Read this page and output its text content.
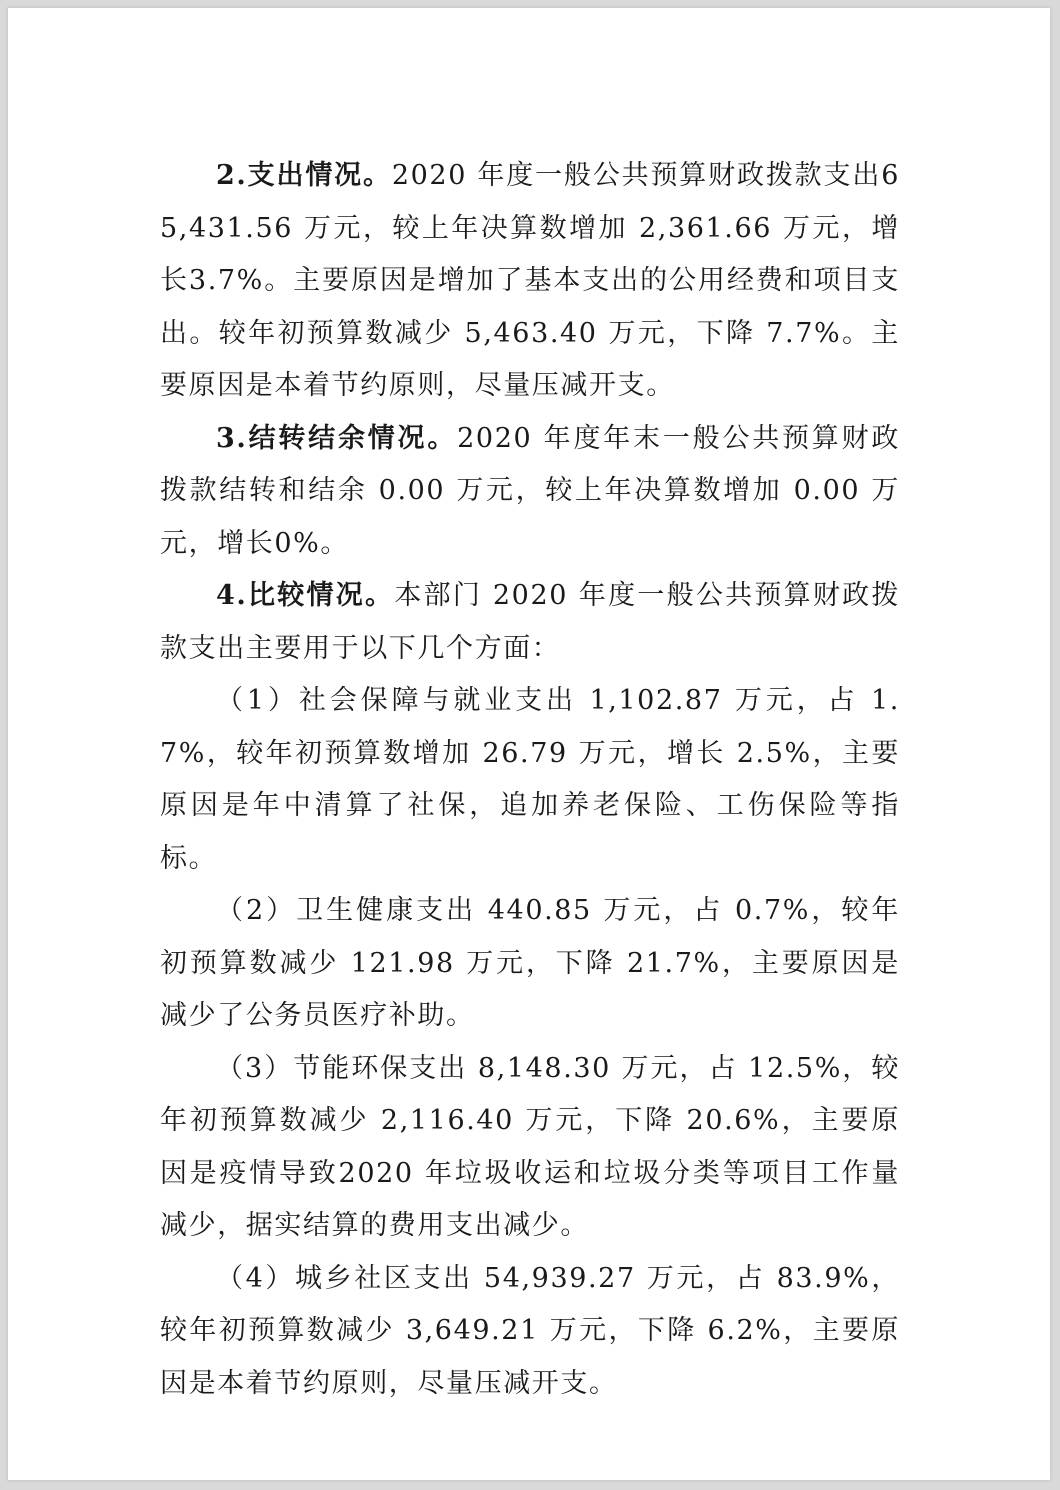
2.支出情况。2020 年度一般公共预算财政拨款支出65,431.56 万元，较上年决算数增加 2,361.66 万元，增长3.7%。主要原因是增加了基本支出的公用经费和项目支出。较年初预算数减少 5,463.40 万元，下降 7.7%。主要原因是本着节约原则，尽量压减开支。

3.结转结余情况。2020 年度年末一般公共预算财政拨款结转和结余 0.00 万元，较上年决算数增加 0.00 万元，增长0%。

4.比较情况。本部门 2020 年度一般公共预算财政拨款支出主要用于以下几个方面：

（1）社会保障与就业支出 1,102.87 万元，占 1.7%，较年初预算数增加 26.79 万元，增长 2.5%，主要原因是年中清算了社保，追加养老保险、工伤保险等指标。

（2）卫生健康支出 440.85 万元，占 0.7%，较年初预算数减少 121.98 万元，下降 21.7%，主要原因是减少了公务员医疗补助。

（3）节能环保支出 8,148.30 万元，占 12.5%，较年初预算数减少 2,116.40 万元，下降 20.6%，主要原因是疫情导致2020 年垃圾收运和垃圾分类等项目工作量减少，据实结算的费用支出减少。

（4）城乡社区支出 54,939.27 万元，占 83.9%，较年初预算数减少 3,649.21 万元，下降 6.2%，主要原因是本着节约原则，尽量压减开支。
